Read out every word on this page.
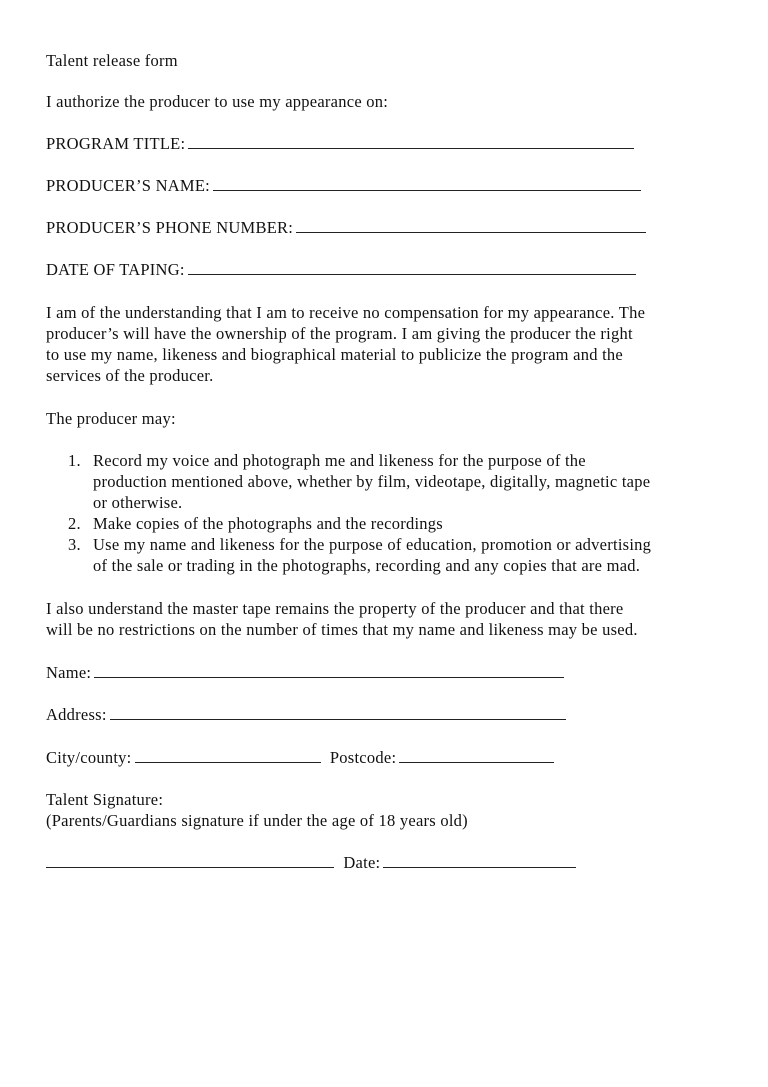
Talent release form
I authorize the producer to use my appearance on:
PROGRAM TITLE:
PRODUCER’S NAME:
PRODUCER’S PHONE NUMBER:
DATE OF TAPING:
I am of the understanding that I am to receive no compensation for my appearance. The
producer’s will have the ownership of the program. I am giving the producer the right
to use my name, likeness and biographical material to publicize the program and the
services of the producer.
The producer may:
1. Record my voice and photograph me and likeness for the purpose of the
production mentioned above, whether by film, videotape, digitally, magnetic tape
or otherwise.
2. Make copies of the photographs and the recordings
3. Use my name and likeness for the purpose of education, promotion or advertising
of the sale or trading in the photographs, recording and any copies that are mad.
I also understand the master tape remains the property of the producer and that there
will be no restrictions on the number of times that my name and likeness may be used.
Name:
Address:
City/county:	Postcode:
Talent Signature:
(Parents/Guardians signature if under the age of 18 years old)
Date:
